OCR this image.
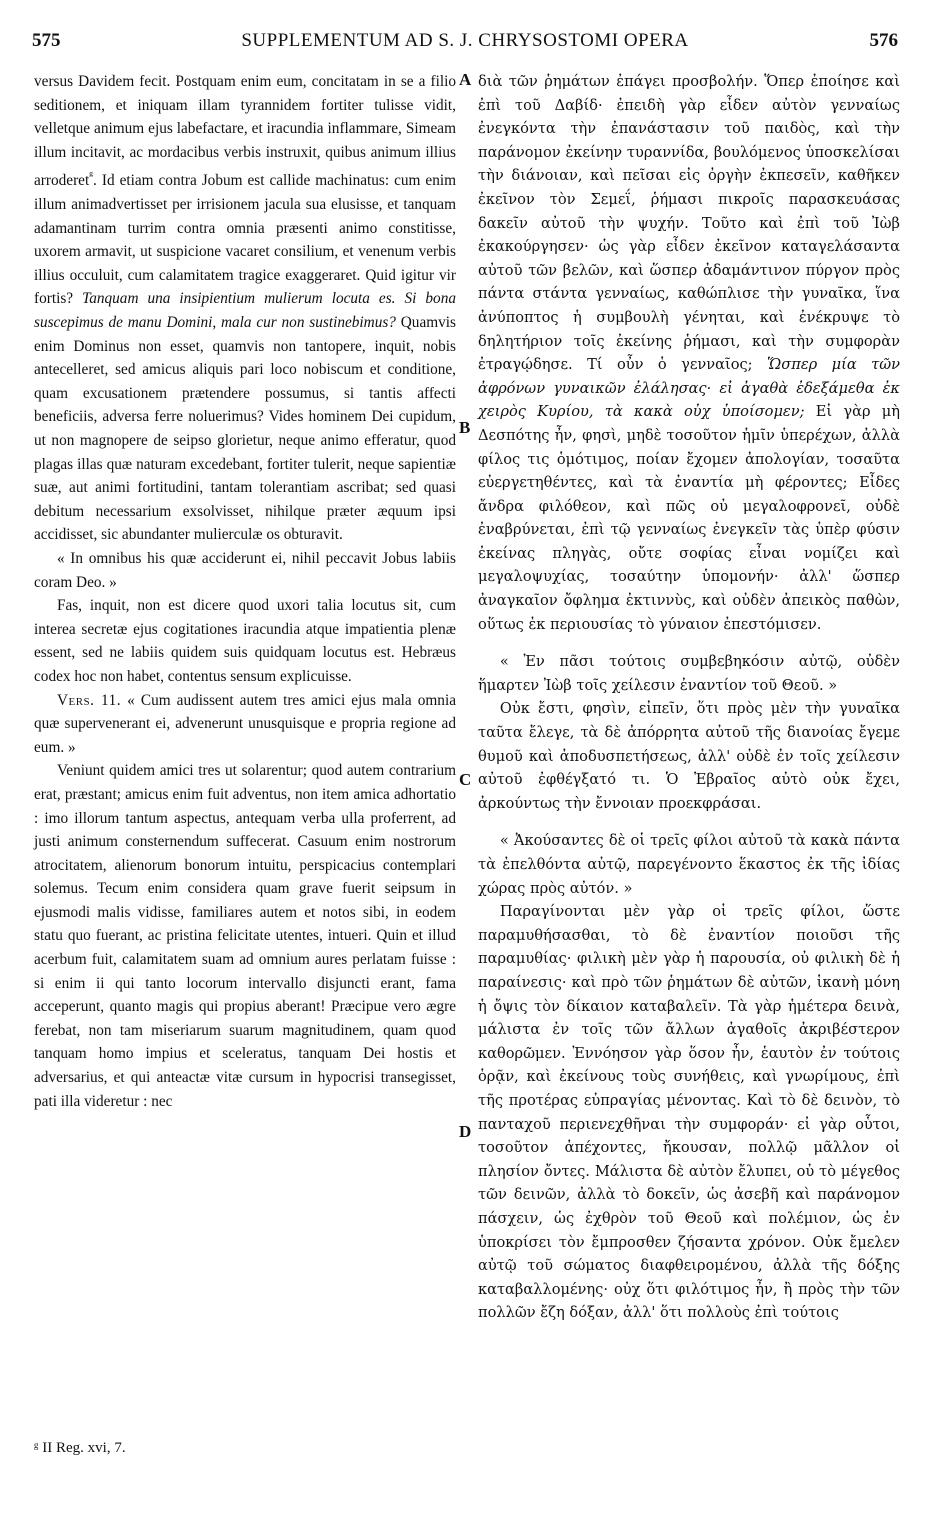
575	SUPPLEMENTUM AD S. J. CHRYSOSTOMI OPERA	576

versus Davidem fecit. Postquam enim eum, concitatam in se a filio seditionem, et iniquam illam tyrannidem fortiter tulisse vidit, velletque animum ejus labefactare, et iracundia inflammare, Simeam illum incitavit, ac mordacibus verbis instruxit, quibus animum illius arroderet$^ᵍ$. Id etiam contra Jobum est callide machinatus: cum enim illum animadvertisset per irrisionem jacula sua elusisse, et tanquam adamantinam turrim contra omnia præsenti animo constitisse, uxorem armavit, ut suspicione vacaret consilium, et venenum verbis illius occuluit, cum calamitatem tragice exaggeraret. Quid igitur vir fortis? Tanquam una insipientium mulierum locuta es. Si bona suscepimus de manu Domini, mala cur non sustinebimus? Quamvis enim Dominus non esset, quamvis non tantopere, inquit, nobis antecelleret, sed amicus aliquis pari loco nobiscum et conditione, quam excusationem prætendere possumus, si tantis affecti beneficiis, adversa ferre noluerimus? Vides hominem Dei cupidum, ut non magnopere de seipso glorietur, neque animo efferatur, quod plagas illas quæ naturam excedebant, fortiter tulerit, neque sapientiæ suæ, aut animi fortitudini, tantam tolerantiam ascribat; sed quasi debitum necessarium exsolvisset, nihilque præter æquum ipsi accidisset, sic abundanter mulierculæ os obturavit.

« In omnibus his quæ acciderunt ei, nihil peccavit Jobus labiis coram Deo. »

Fas, inquit, non est dicere quod uxori talia locutus sit, cum interea secretæ ejus cogitationes iracundia atque impatientia plenæ essent, sed ne labiis quidem suis quidquam locutus est. Hebræus codex hoc non habet, contentus sensum explicuisse.

Vers. 11. « Cum audissent autem tres amici ejus mala omnia quæ supervenerant ei, advenerunt unusquisque e propria regione ad eum. »

Veniunt quidem amici tres ut solarentur; quod autem contrarium erat, præstant; amicus enim fuit adventus, non item amica adhortatio : imo illorum tantum aspectus, antequam verba ulla proferrent, ad justi animum consternendum suffecerat. Casuum enim nostrorum atrocitatem, alienorum bonorum intuitu, perspicacius contemplari solemus. Tecum enim considera quam grave fuerit seipsum in ejusmodi malis vidisse, familiares autem et notos sibi, in eodem statu quo fuerant, ac pristina felicitate utentes, intueri. Quin et illud acerbum fuit, calamitatem suam ad omnium aures perlatam fuisse : si enim ii qui tanto locorum intervallo disjuncti erant, fama acceperunt, quanto magis qui propius aberant! Præcipue vero ægre ferebat, non tam miseriarum suarum magnitudinem, quam quod tanquam homo impius et sceleratus, tanquam Dei hostis et adversarius, et qui anteactæ vitæ cursum in hypocrisi transegisset, pati illa videretur : nec

διὰ τῶν ῥημάτων ἐπάγει προσβολήν. Ὅπερ ἐποίησε καὶ ἐπὶ τοῦ Δαβίδ· ἐπειδὴ γὰρ εἶδεν αὐτὸν γενναίως ἐνεγκόντα τὴν ἐπανάστασιν τοῦ παιδὸς, καὶ τὴν παράνομον ἐκείνην τυραννίδα, βουλόμενος ὑποσκελίσαι τὴν διάνοιαν, καὶ πεῖσαι εἰς ὀργὴν ἐκπεσεῖν, καθῆκεν ἐκεῖνον τὸν Σεμεΐ, ῥήμασι πικροῖς παρασκευάσας δακεῖν αὐτοῦ τὴν ψυχήν. Τοῦτο καὶ ἐπὶ τοῦ Ἰὼβ ἐκακούργησεν· ὡς γὰρ εἶδεν ἐκεῖνον καταγελάσαντα αὐτοῦ τῶν βελῶν, καὶ ὥσπερ ἀδαμάντινον πύργον πρὸς πάντα στάντα γενναίως, καθώπλισε τὴν γυναῖκα, ἵνα ἀνύποπτος ἡ συμβουλὴ γένηται, καὶ ἐνέκρυψε τὸ δηλητήριον τοῖς ἐκείνης ῥήμασι, καὶ τὴν συμφορὰν ἐτραγῴδησε. Τί οὖν ὁ γενναῖος; Ὥσπερ μία τῶν ἀφρόνων γυναικῶν ἐλάλησας· εἰ ἀγαθὰ ἐδεξάμεθα ἐκ χειρὸς Κυρίου, τὰ κακὰ οὐχ ὑποίσομεν; Εἰ γὰρ μὴ Δεσπότης ἦν, φησὶ, μηδὲ τοσοῦτον ἡμῖν ὑπερέχων, ἀλλὰ φίλος τις ὁμότιμος, ποίαν ἔχομεν ἀπολογίαν, τοσαῦτα εὐεργετηθέντες, καὶ τὰ ἐναντία μὴ φέροντες; Εἶδες ἄνδρα φιλόθεον, καὶ πῶς οὐ μεγαλοφρονεῖ, οὐδὲ ἐναβρύνεται, ἐπὶ τῷ γενναίως ἐνεγκεῖν τὰς ὑπὲρ φύσιν ἐκείνας πληγὰς, οὔτε σοφίας εἶναι νομίζει καὶ μεγαλοψυχίας, τοσαύτην ὑπομονήν· ἀλλ' ὥσπερ ἀναγκαῖον ὄφλημα ἐκτιννὺς, καὶ οὐδὲν ἀπεικὸς παθὼν, οὕτως ἐκ περιουσίας τὸ γύναιον ἐπεστόμισεν.

« Ἐν πᾶσι τούτοις συμβεβηκόσιν αὐτῷ, οὐδὲν ἥμαρτεν Ἰὼβ τοῖς χείλεσιν ἐναντίον τοῦ Θεοῦ. »

Οὐκ ἔστι, φησὶν, εἰπεῖν, ὅτι πρὸς μὲν τὴν γυναῖκα ταῦτα ἔλεγε, τὰ δὲ ἀπόρρητα αὐτοῦ τῆς διανοίας ἔγεμε θυμοῦ καὶ ἀποδυσπετήσεως, ἀλλ' οὐδὲ ἐν τοῖς χείλεσιν αὐτοῦ ἐφθέγξατό τι. Ὁ Ἑβραῖος αὐτὸ οὐκ ἔχει, ἀρκούντως τὴν ἔννοιαν προεκφράσαι.

« Ἀκούσαντες δὲ οἱ τρεῖς φίλοι αὐτοῦ τὰ κακὰ πάντα τὰ ἐπελθόντα αὐτῷ, παρεγένοντο ἕκαστος ἐκ τῆς ἰδίας χώρας πρὸς αὐτόν. »

Παραγίνονται μὲν γὰρ οἱ τρεῖς φίλοι, ὥστε παραμυθήσασθαι, τὸ δὲ ἐναντίον ποιοῦσι τῆς παραμυθίας· φιλικὴ μὲν γὰρ ἡ παρουσία, οὐ φιλικὴ δὲ ἡ παραίνεσις· καὶ πρὸ τῶν ῥημάτων δὲ αὐτῶν, ἱκανὴ μόνη ἡ ὄψις τὸν δίκαιον καταβαλεῖν. Τὰ γὰρ ἡμέτερα δεινὰ, μάλιστα ἐν τοῖς τῶν ἄλλων ἀγαθοῖς ἀκριβέστερον καθορῶμεν. Ἐννόησον γὰρ ὅσον ἦν, ἑαυτὸν ἐν τούτοις ὁρᾷν, καὶ ἐκείνους τοὺς συνήθεις, καὶ γνωρίμους, ἐπὶ τῆς προτέρας εὐπραγίας μένοντας. Καὶ τὸ δὲ δεινὸν, τὸ πανταχοῦ περιενεχθῆναι τὴν συμφοράν· εἰ γὰρ οὗτοι, τοσοῦτον ἀπέχοντες, ἤκουσαν, πολλῷ μᾶλλον οἱ πλησίον ὄντες. Μάλιστα δὲ αὐτὸν ἔλυπει, οὐ τὸ μέγεθος τῶν δεινῶν, ἀλλὰ τὸ δοκεῖν, ὡς ἀσεβῆ καὶ παράνομον πάσχειν, ὡς ἐχθρὸν τοῦ Θεοῦ καὶ πολέμιον, ὡς ἐν ὑποκρίσει τὸν ἔμπροσθεν ζήσαντα χρόνον. Οὐκ ἔμελεν αὐτῷ τοῦ σώματος διαφθειρομένου, ἀλλὰ τῆς δόξης καταβαλλομένης· οὐχ ὅτι φιλότιμος ἦν, ἢ πρὸς τὴν τῶν πολλῶν ἔζη δόξαν, ἀλλ' ὅτι πολλοὺς ἐπὶ τούτοις

A
B
C
D
ᵍ II Reg. xvi, 7.
